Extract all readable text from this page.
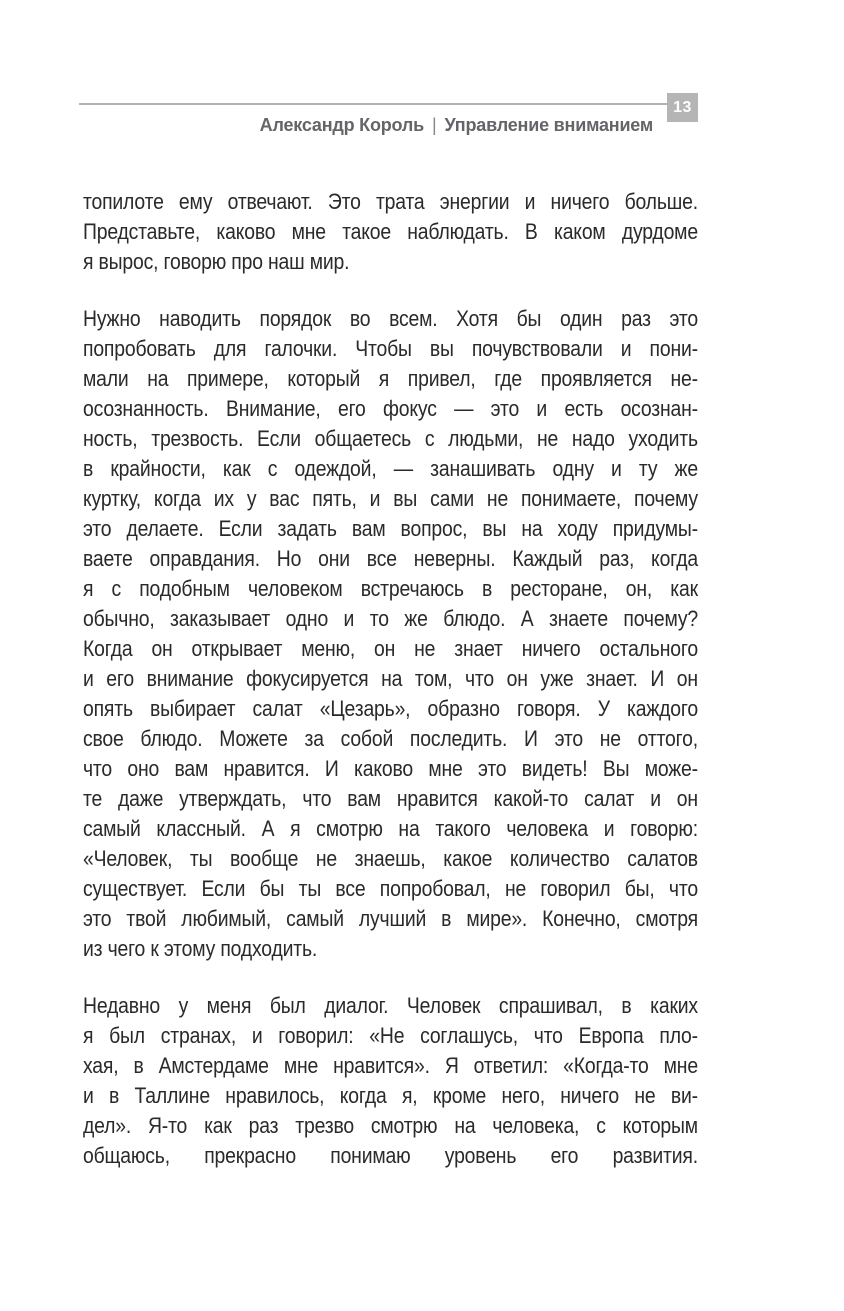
Александр Король | Управление вниманием
13
топилоте ему отвечают. Это трата энергии и ничего больше.
Представьте, каково мне такое наблюдать. В каком дурдоме
я вырос, говорю про наш мир.
Нужно наводить порядок во всем. Хотя бы один раз это
попробовать для галочки. Чтобы вы почувствовали и пони-
мали на примере, который я привел, где проявляется не-
осознанность. Внимание, его фокус — это и есть осознан-
ность, трезвость. Если общаетесь с людьми, не надо уходить
в крайности, как с одеждой, — занашивать одну и ту же
куртку, когда их у вас пять, и вы сами не понимаете, почему
это делаете. Если задать вам вопрос, вы на ходу придумы-
ваете оправдания. Но они все неверны. Каждый раз, когда
я с подобным человеком встречаюсь в ресторане, он, как
обычно, заказывает одно и то же блюдо. А знаете почему?
Когда он открывает меню, он не знает ничего остального
и его внимание фокусируется на том, что он уже знает. И он
опять выбирает салат «Цезарь», образно говоря. У каждого
свое блюдо. Можете за собой последить. И это не оттого,
что оно вам нравится. И каково мне это видеть! Вы може-
те даже утверждать, что вам нравится какой-то салат и он
самый классный. А я смотрю на такого человека и говорю:
«Человек, ты вообще не знаешь, какое количество салатов
существует. Если бы ты все попробовал, не говорил бы, что
это твой любимый, самый лучший в мире». Конечно, смотря
из чего к этому подходить.
Недавно у меня был диалог. Человек спрашивал, в каких
я был странах, и говорил: «Не соглашусь, что Европа пло-
хая, в Амстердаме мне нравится». Я ответил: «Когда-то мне
и в Таллине нравилось, когда я, кроме него, ничего не ви-
дел». Я-то как раз трезво смотрю на человека, с которым
общаюсь, прекрасно понимаю уровень его развития.
